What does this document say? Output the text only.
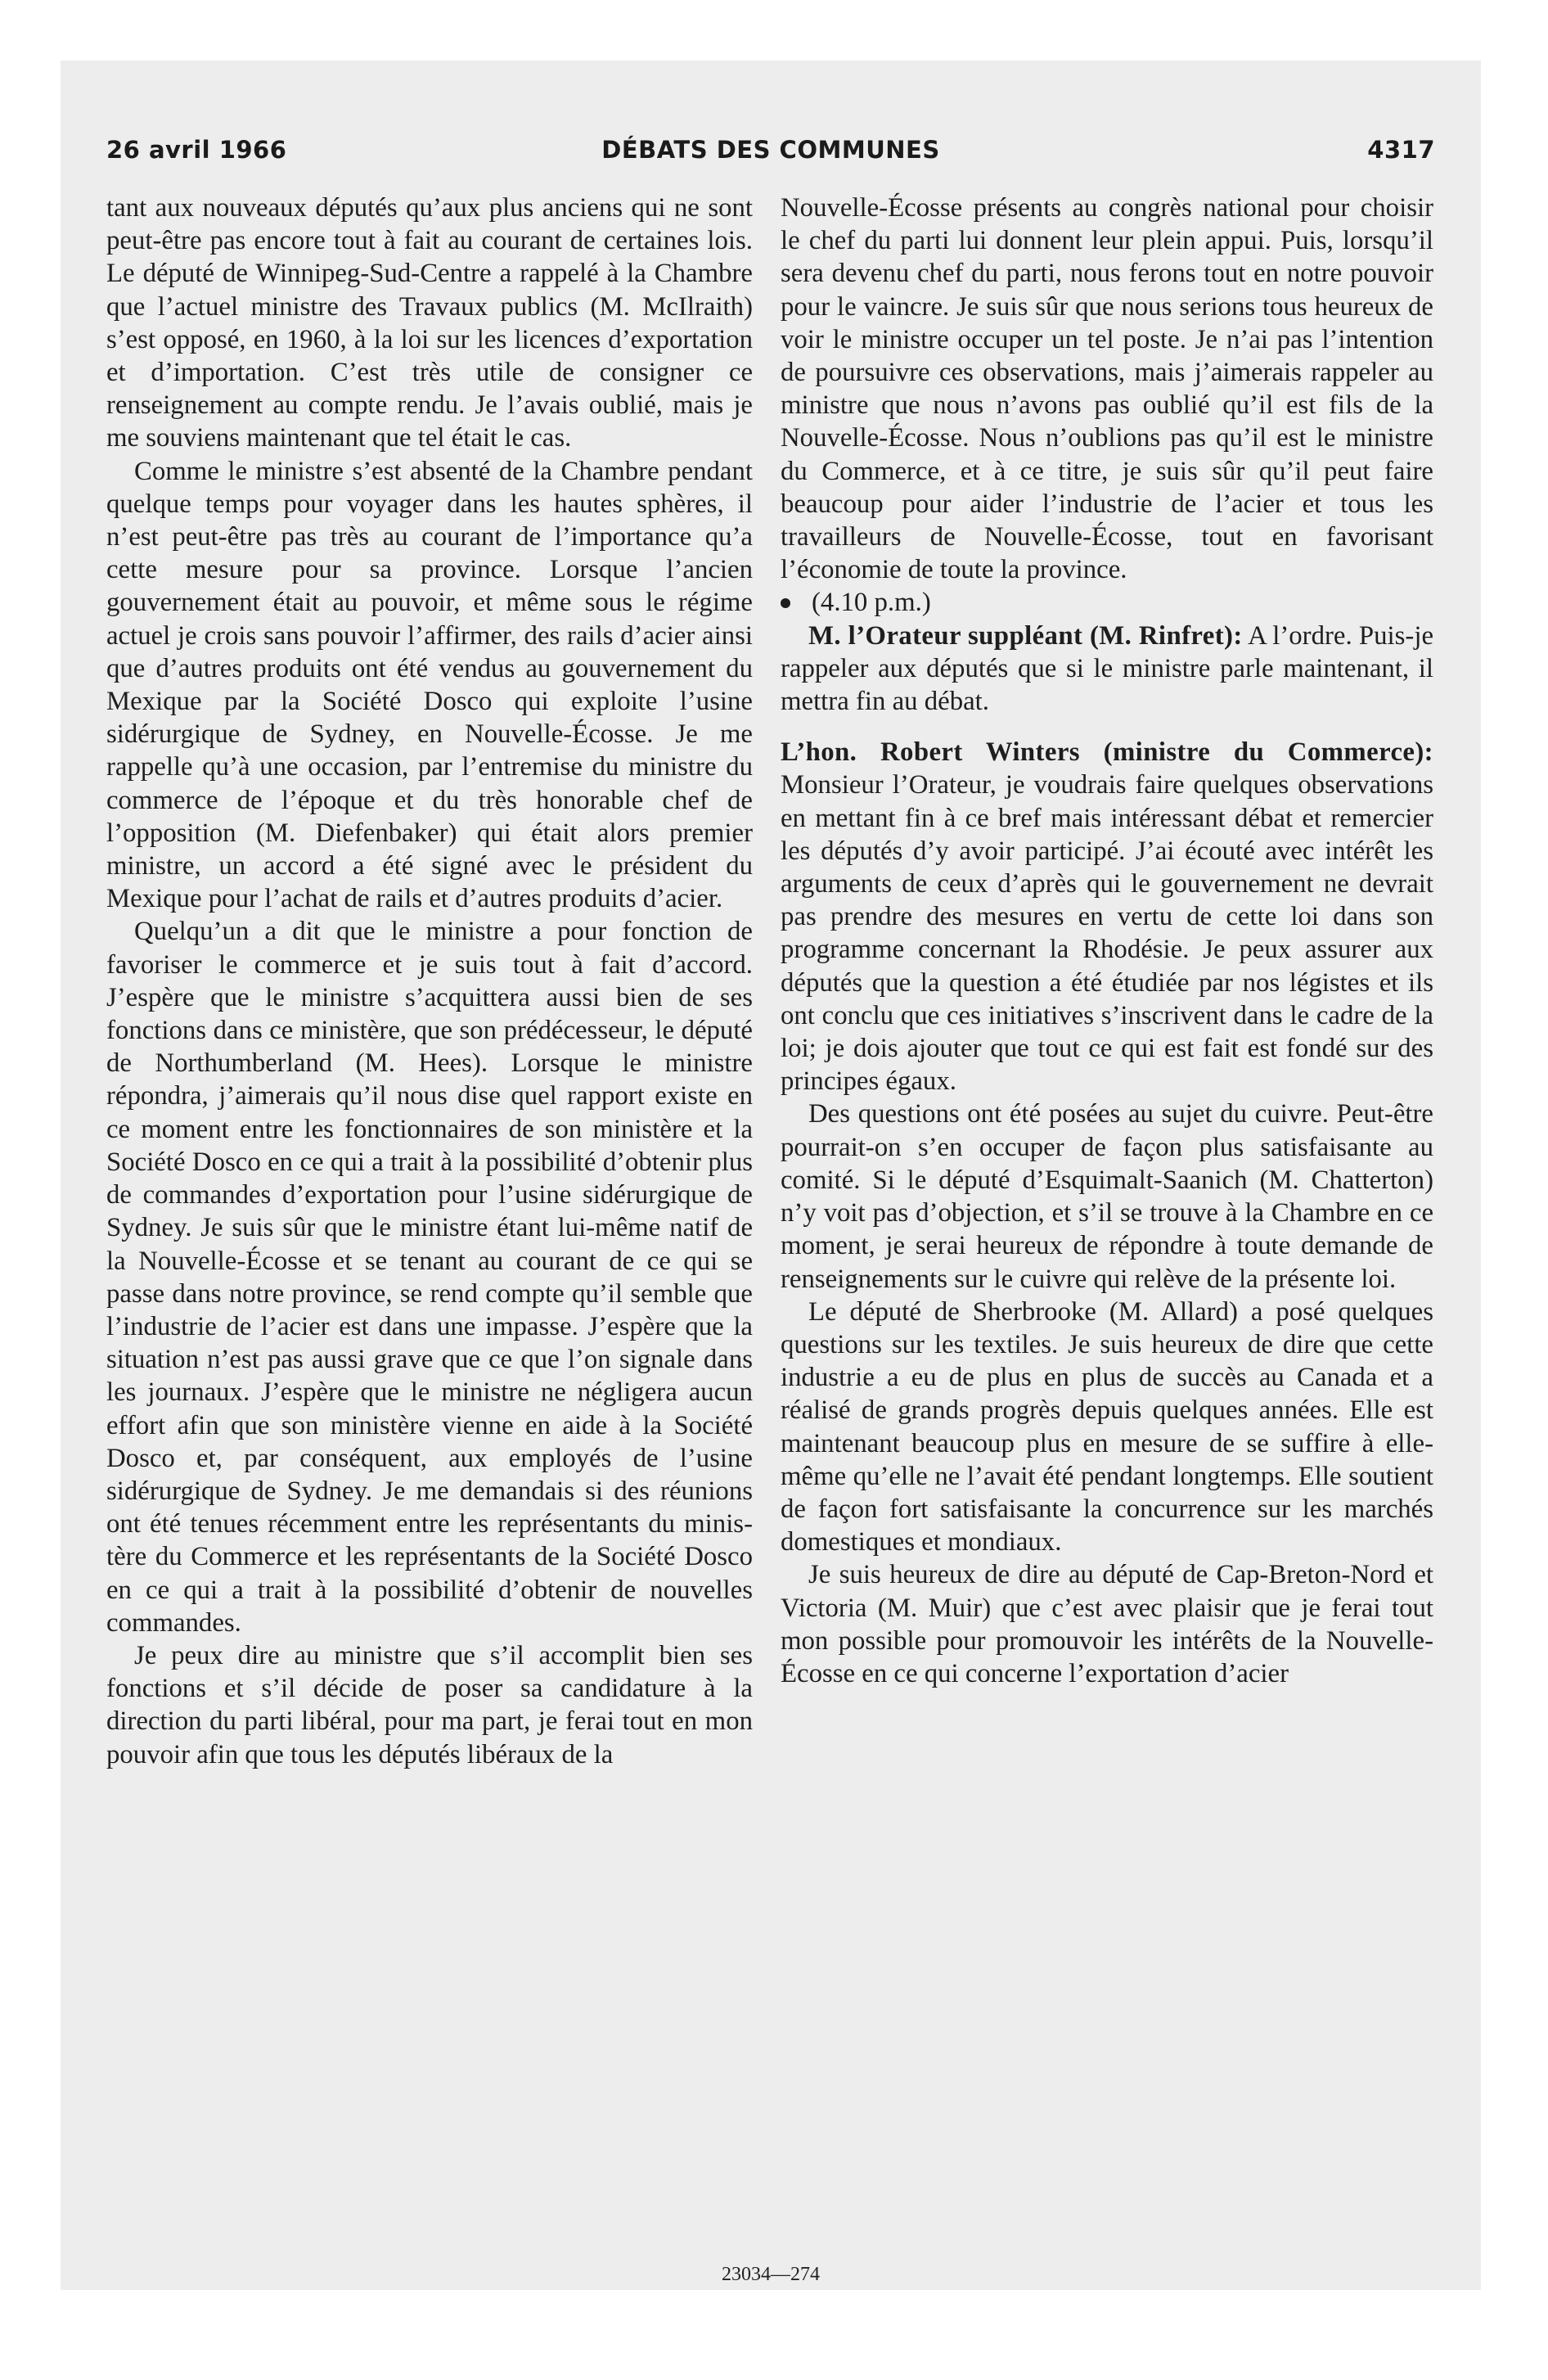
26 avril 1966	DÉBATS DES COMMUNES	4317

tant aux nouveaux députés qu’aux plus anciens qui ne sont peut-être pas encore tout à fait au courant de certaines lois. Le député de Winnipeg-Sud-Centre a rappelé à la Chambre que l’actuel ministre des Travaux publics (M. McIlraith) s’est opposé, en 1960, à la loi sur les licences d’exportation et d’importation. C’est très utile de consigner ce renseignement au compte rendu. Je l’avais oublié, mais je me souviens maintenant que tel était le cas.

Comme le ministre s’est absenté de la Chambre pendant quelque temps pour voyager dans les hautes sphères, il n’est peut-être pas très au courant de l’importance qu’a cette mesure pour sa province. Lorsque l’ancien gouvernement était au pouvoir, et même sous le régime actuel je crois sans pouvoir l’affirmer, des rails d’acier ainsi que d’autres produits ont été vendus au gouvernement du Mexique par la Société Dosco qui exploite l’usine sidérurgique de Sydney, en Nouvelle-Écosse. Je me rappelle qu’à une occasion, par l’entremise du ministre du commerce de l’époque et du très honorable chef de l’opposition (M. Diefenbaker) qui était alors premier ministre, un accord a été signé avec le président du Mexique pour l’achat de rails et d’autres produits d’acier.

Quelqu’un a dit que le ministre a pour fonction de favoriser le commerce et je suis tout à fait d’accord. J’espère que le ministre s’acquittera aussi bien de ses fonctions dans ce ministère, que son prédécesseur, le député de Northumberland (M. Hees). Lorsque le ministre répondra, j’aimerais qu’il nous dise quel rapport existe en ce moment entre les fonctionnaires de son ministère et la Société Dosco en ce qui a trait à la possibilité d’obtenir plus de commandes d’exportation pour l’usine sidérurgique de Sydney. Je suis sûr que le ministre étant lui-même natif de la Nouvelle-Écosse et se tenant au courant de ce qui se passe dans notre province, se rend compte qu’il semble que l’industrie de l’acier est dans une impasse. J’espère que la situation n’est pas aussi grave que ce que l’on signale dans les journaux. J’espère que le ministre ne négligera aucun effort afin que son ministère vienne en aide à la Société Dosco et, par conséquent, aux employés de l’usine sidérurgique de Sydney. Je me demandais si des réunions ont été tenues récemment entre les représentants du ministère du Commerce et les représentants de la Société Dosco en ce qui a trait à la possibilité d’obtenir de nouvelles commandes.

Je peux dire au ministre que s’il accomplit bien ses fonctions et s’il décide de poser sa candidature à la direction du parti libéral, pour ma part, je ferai tout en mon pouvoir afin que tous les députés libéraux de la

Nouvelle-Écosse présents au congrès national pour choisir le chef du parti lui donnent leur plein appui. Puis, lorsqu’il sera devenu chef du parti, nous ferons tout en notre pouvoir pour le vaincre. Je suis sûr que nous serions tous heureux de voir le ministre occuper un tel poste. Je n’ai pas l’intention de poursuivre ces observations, mais j’aimerais rappeler au ministre que nous n’avons pas oublié qu’il est fils de la Nouvelle-Écosse. Nous n’oublions pas qu’il est le ministre du Commerce, et à ce titre, je suis sûr qu’il peut faire beaucoup pour aider l’industrie de l’acier et tous les travailleurs de Nouvelle-Écosse, tout en favorisant l’économie de toute la province.

(4.10 p.m.)

M. l’Orateur suppléant (M. Rinfret): A l’ordre. Puis-je rappeler aux députés que si le ministre parle maintenant, il mettra fin au débat.

L’hon. Robert Winters (ministre du Commerce): Monsieur l’Orateur, je voudrais faire quelques observations en mettant fin à ce bref mais intéressant débat et remercier les députés d’y avoir participé. J’ai écouté avec intérêt les arguments de ceux d’après qui le gouvernement ne devrait pas prendre des mesures en vertu de cette loi dans son programme concernant la Rhodésie. Je peux assurer aux députés que la question a été étudiée par nos légistes et ils ont conclu que ces initiatives s’inscrivent dans le cadre de la loi; je dois ajouter que tout ce qui est fait est fondé sur des principes égaux.

Des questions ont été posées au sujet du cuivre. Peut-être pourrait-on s’en occuper de façon plus satisfaisante au comité. Si le député d’Esquimalt-Saanich (M. Chatterton) n’y voit pas d’objection, et s’il se trouve à la Chambre en ce moment, je serai heureux de répondre à toute demande de renseignements sur le cuivre qui relève de la présente loi.

Le député de Sherbrooke (M. Allard) a posé quelques questions sur les textiles. Je suis heureux de dire que cette industrie a eu de plus en plus de succès au Canada et a réalisé de grands progrès depuis quelques années. Elle est maintenant beaucoup plus en mesure de se suffire à elle-même qu’elle ne l’avait été pendant longtemps. Elle soutient de façon fort satisfaisante la concurrence sur les marchés domestiques et mondiaux.

Je suis heureux de dire au député de Cap-Breton-Nord et Victoria (M. Muir) que c’est avec plaisir que je ferai tout mon possible pour promouvoir les intérêts de la Nouvelle-Écosse en ce qui concerne l’exportation d’acier

23034—274
